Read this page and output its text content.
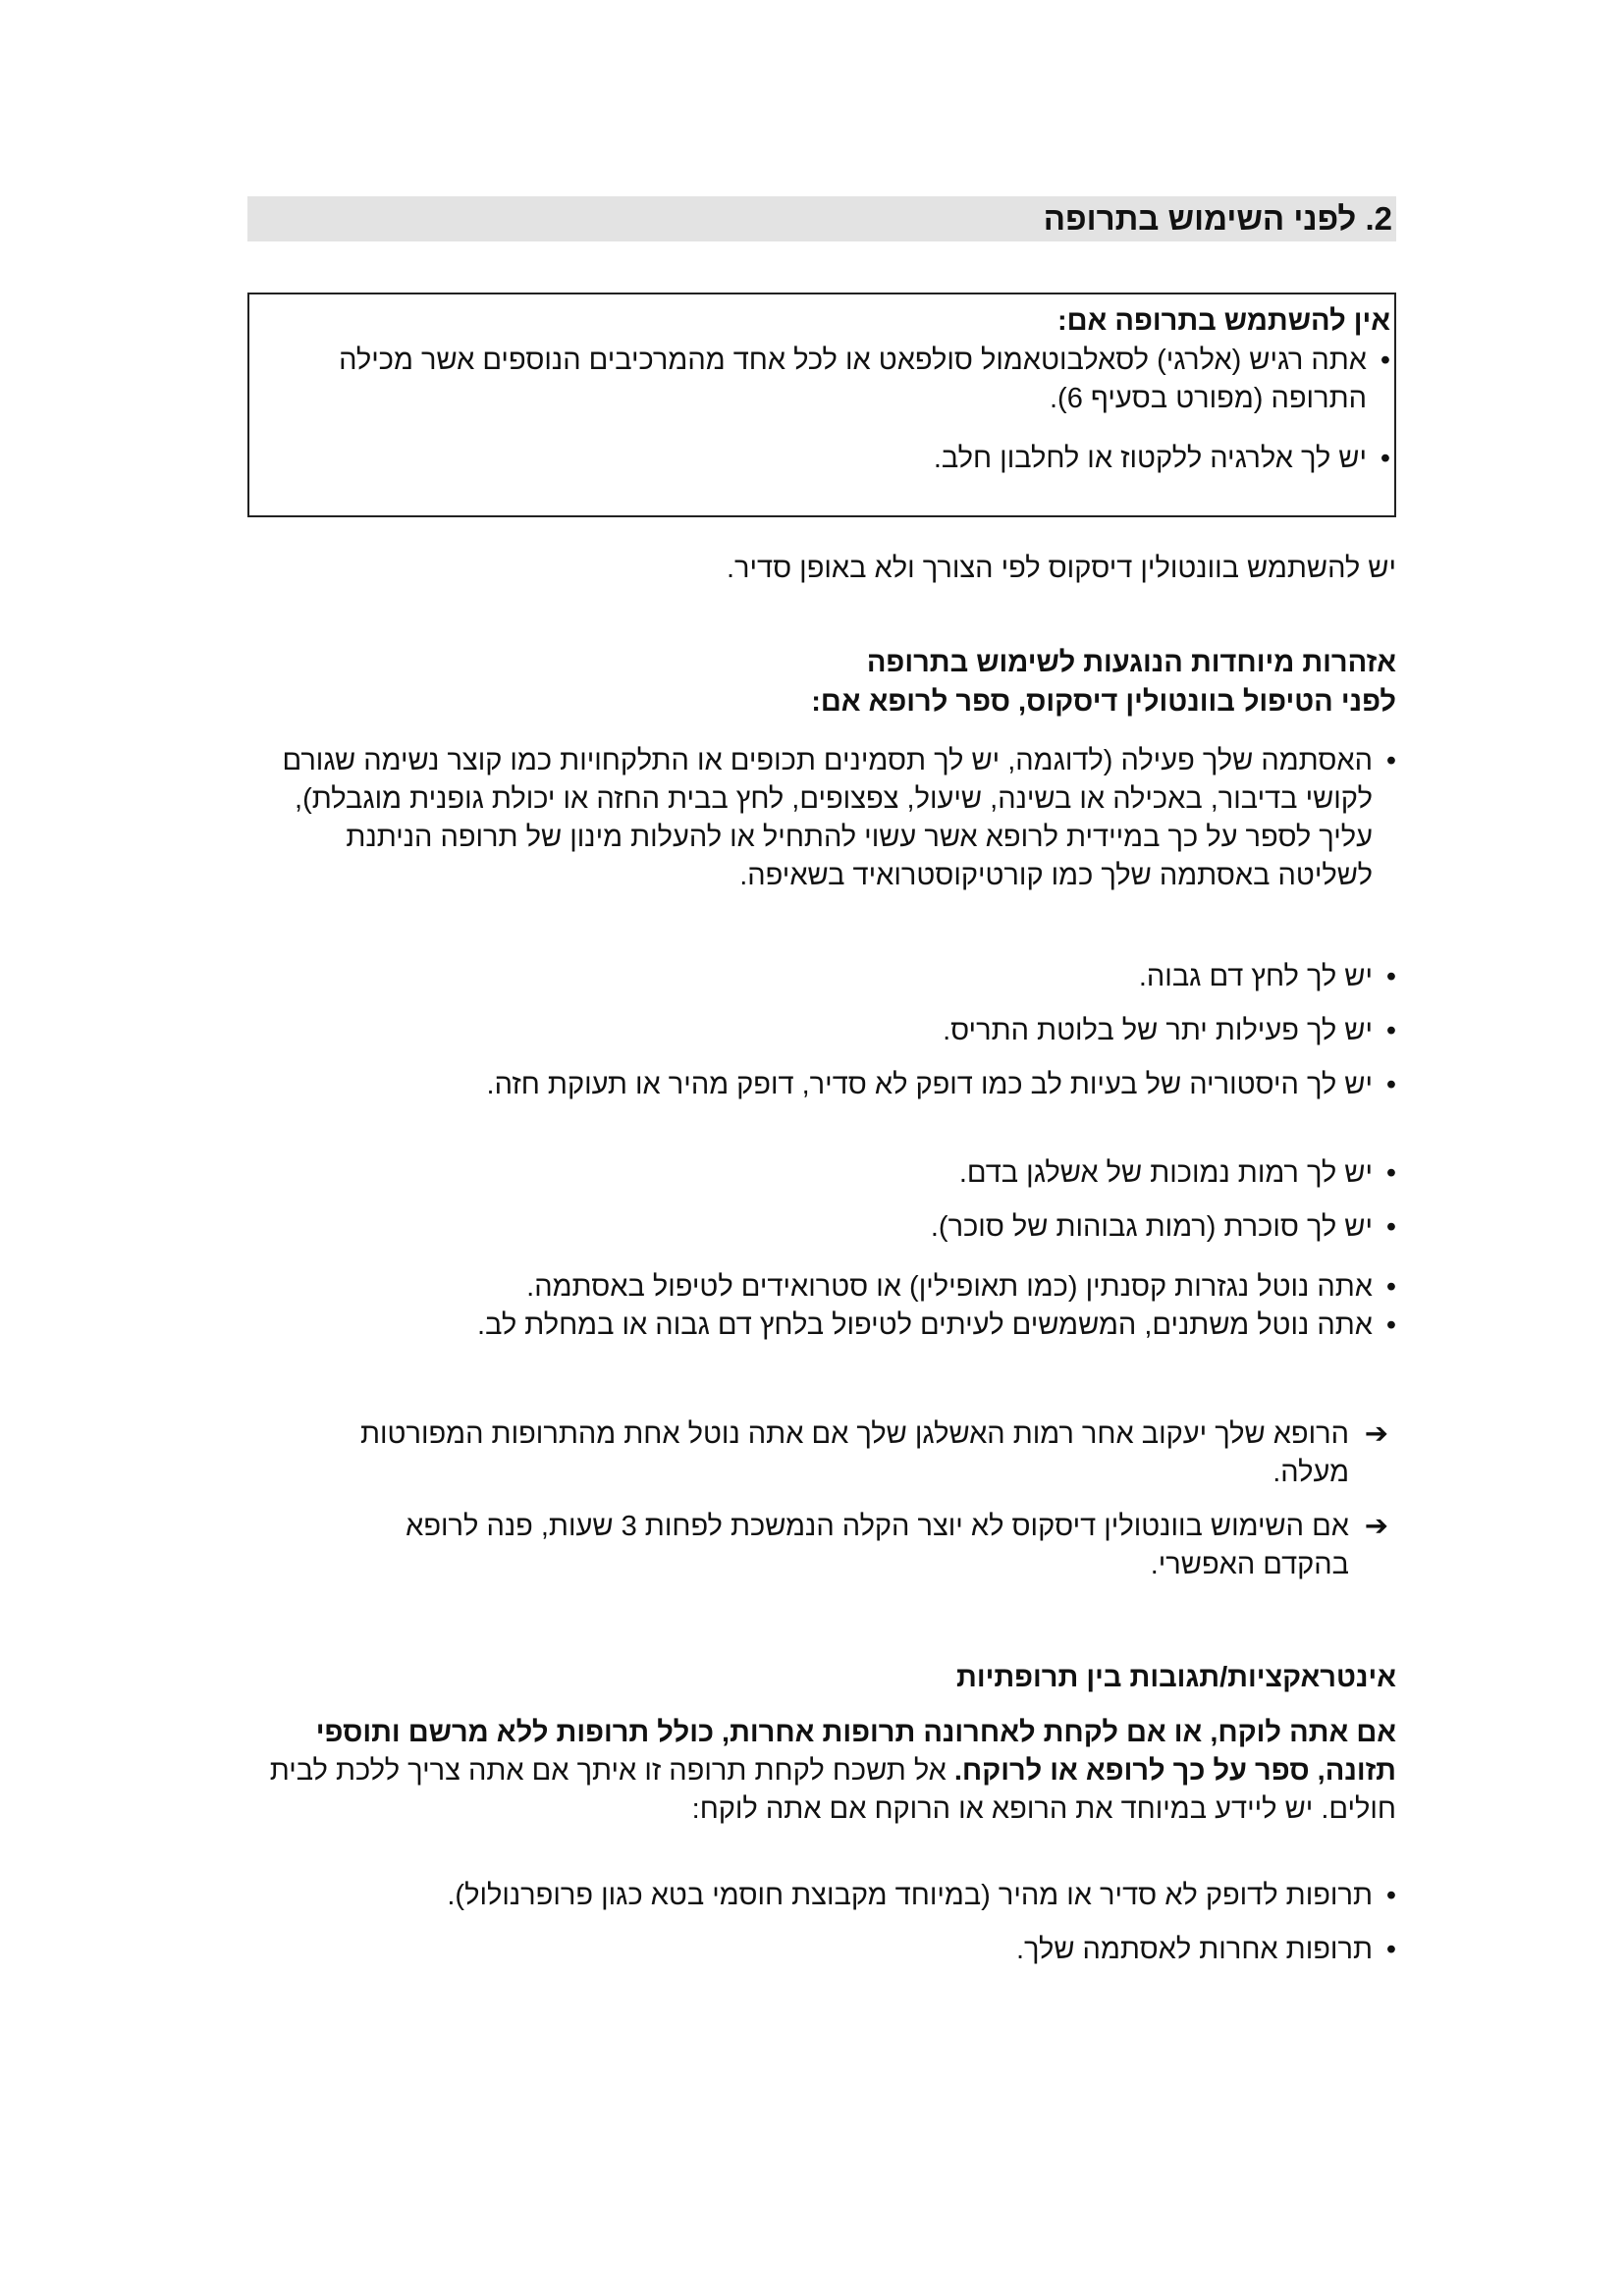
2. לפני השימוש בתרופה

אין להשתמש בתרופה אם:

• אתה רגיש (אלרגי) לסאלבוטאמול סולפאט או לכל אחד מהמרכיבים הנוספים אשר מכילה התרופה (מפורט בסעיף 6).
• יש לך אלרגיה ללקטוז או לחלבון חלב.
יש להשתמש בוונטולין דיסקוס לפי הצורך ולא באופן סדיר.
אזהרות מיוחדות הנוגעות לשימוש בתרופה
לפני הטיפול בוונטולין דיסקוס, ספר לרופא אם:
• האסתמה שלך פעילה (לדוגמה, יש לך תסמינים תכופים או התלקחויות כמו קוצר נשימה שגורם לקושי בדיבור, באכילה או בשינה, שיעול, צפצופים, לחץ בבית החזה או יכולת גופנית מוגבלת), עליך לספר על כך במיידית לרופא אשר עשוי להתחיל או להעלות מינון של תרופה הניתנת לשליטה באסתמה שלך כמו קורטיקוסטרואיד בשאיפה.
• יש לך לחץ דם גבוה.
• יש לך פעילות יתר של בלוטת התריס.
• יש לך היסטוריה של בעיות לב כמו דופק לא סדיר, דופק מהיר או תעוקת חזה.
• יש לך רמות נמוכות של אשלגן בדם.
• יש לך סוכרת (רמות גבוהות של סוכר).
• אתה נוטל נגזרות קסנתין (כמו תאופילין) או סטרואידים לטיפול באסתמה.
• אתה נוטל משתנים, המשמשים לעיתים לטיפול בלחץ דם גבוה או במחלת לב.
➔
הרופא שלך יעקוב אחר רמות האשלגן שלך אם אתה נוטל אחת מהתרופות המפורטות מעלה.
➔
אם השימוש בוונטולין דיסקוס לא יוצר הקלה הנמשכת לפחות 3 שעות, פנה לרופא בהקדם האפשרי.
אינטראקציות/תגובות בין תרופתיות
אם אתה לוקח, או אם לקחת לאחרונה תרופות אחרות, כולל תרופות ללא מרשם ותוספי תזונה, ספר על כך לרופא או לרוקח. אל תשכח לקחת תרופה זו איתך אם אתה צריך ללכת לבית חולים. יש ליידע במיוחד את הרופא או הרוקח אם אתה לוקח:
• תרופות לדופק לא סדיר או מהיר (במיוחד מקבוצת חוסמי בטא כגון פרופרנולול).
• תרופות אחרות לאסתמה שלך.
